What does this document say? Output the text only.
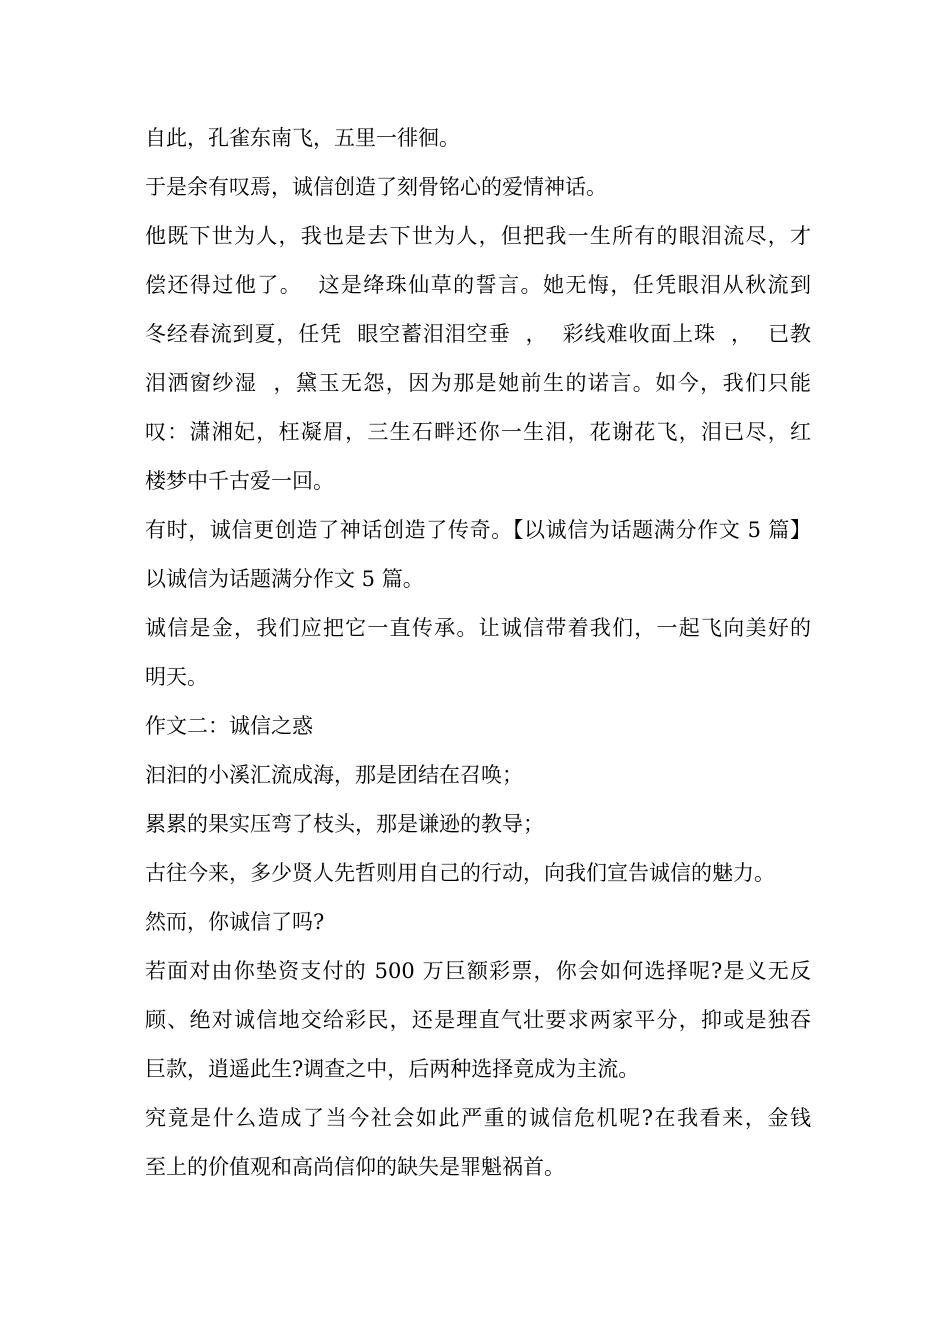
自此，孔雀东南飞，五里一徘徊。

于是余有叹焉，诚信创造了刻骨铭心的爱情神话。

他既下世为人，我也是去下世为人，但把我一生所有的眼泪流尽，才
偿还得过他了。  这是绛珠仙草的誓言。她无悔，任凭眼泪从秋流到
冬经春流到夏，任凭  眼空蓄泪泪空垂  ，  彩线难收面上珠  ，  已教
泪洒窗纱湿  ，黛玉无怨，因为那是她前生的诺言。如今，我们只能
叹：潇湘妃，枉凝眉，三生石畔还你一生泪，花谢花飞，泪已尽，红
楼梦中千古爱一回。

有时，诚信更创造了神话创造了传奇。【以诚信为话题满分作文 5 篇】
以诚信为话题满分作文 5 篇。

诚信是金，我们应把它一直传承。让诚信带着我们，一起飞向美好的
明天。

作文二：诚信之惑

汩汩的小溪汇流成海，那是团结在召唤；

累累的果实压弯了枝头，那是谦逊的教导；

古往今来，多少贤人先哲则用自己的行动，向我们宣告诚信的魅力。

然而，你诚信了吗?

若面对由你垫资支付的 500 万巨额彩票，你会如何选择呢?是义无反
顾、绝对诚信地交给彩民，还是理直气壮要求两家平分，抑或是独吞
巨款，逍遥此生?调查之中，后两种选择竟成为主流。

究竟是什么造成了当今社会如此严重的诚信危机呢?在我看来，金钱
至上的价值观和高尚信仰的缺失是罪魁祸首。
